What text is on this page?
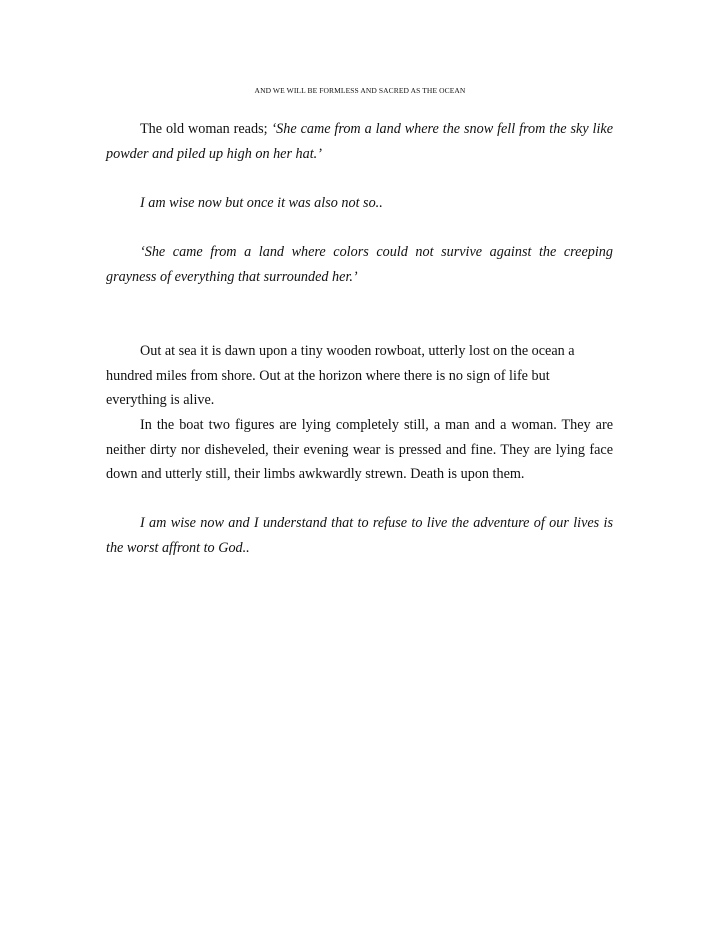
AND WE WILL BE FORMLESS AND SACRED AS THE OCEAN

The old woman reads; ‘She came from a land where the snow fell from the sky like powder and piled up high on her hat.’

I am wise now but once it was also not so..

‘She came from a land where colors could not survive against the creeping grayness of everything that surrounded her.’

Out at sea it is dawn upon a tiny wooden rowboat, utterly lost on the ocean a hundred miles from shore. Out at the horizon where there is no sign of life but everything is alive.

In the boat two figures are lying completely still, a man and a woman. They are neither dirty nor disheveled, their evening wear is pressed and fine. They are lying face down and utterly still, their limbs awkwardly strewn. Death is upon them.

I am wise now and I understand that to refuse to live the adventure of our lives is the worst affront to God..
